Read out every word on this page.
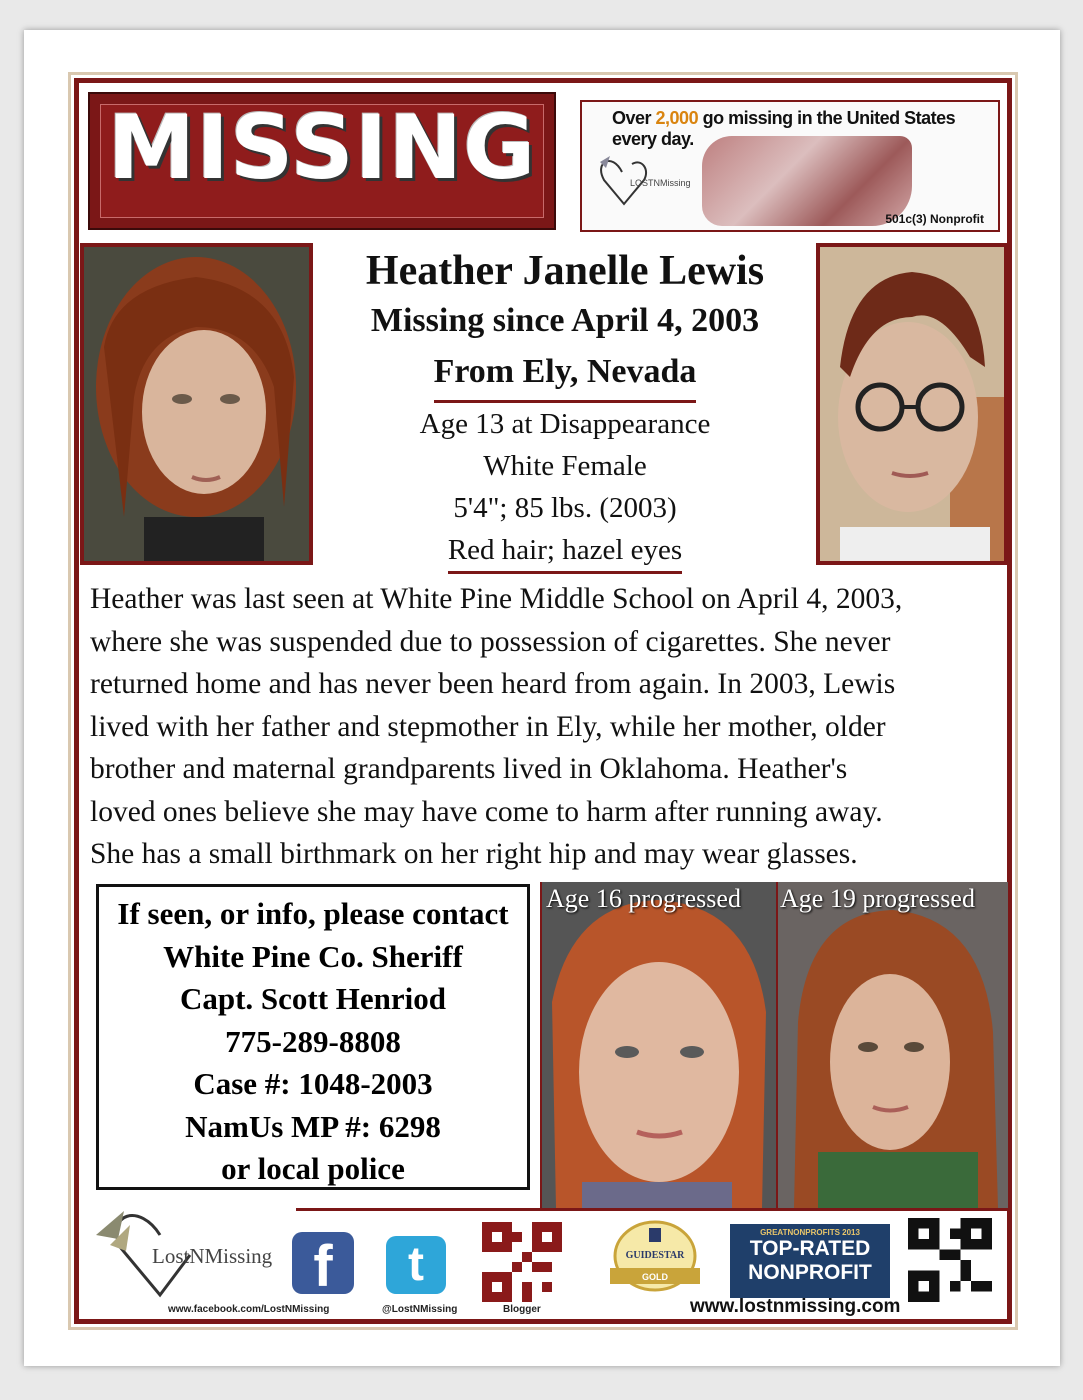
MISSING	Over 2,000 go missing in the United States every day.
LOSTNMissing
501c(3) Nonprofit
Heather Janelle Lewis
Missing since April 4, 2003
From Ely, Nevada
Age 13 at Disappearance
White Female
5'4"; 85 lbs. (2003)
Red hair; hazel eyes
Heather was last seen at White Pine Middle School on April 4, 2003,
where she was suspended due to possession of cigarettes. She never
returned home and has never been heard from again. In 2003, Lewis
lived with her father and stepmother in Ely, while her mother, older
brother and maternal grandparents lived in Oklahoma. Heather's
loved ones believe she may have come to harm after running away.
She has a small birthmark on her right hip and may wear glasses.
If seen, or info, please contact
White Pine Co. Sheriff
Capt. Scott Henriod
775-289-8808
Case #: 1048-2003
NamUs MP #: 6298
or local police
Age 16 progressed Age 19 progressed
LostNMissing f
www.facebook.com/LostNMissing
t
@LostNMissing	Blogger
GUIDESTAR
GOLD
GREATNONPROFITS 2013
TOP-RATED
NONPROFIT
www.lostnmissing.com
